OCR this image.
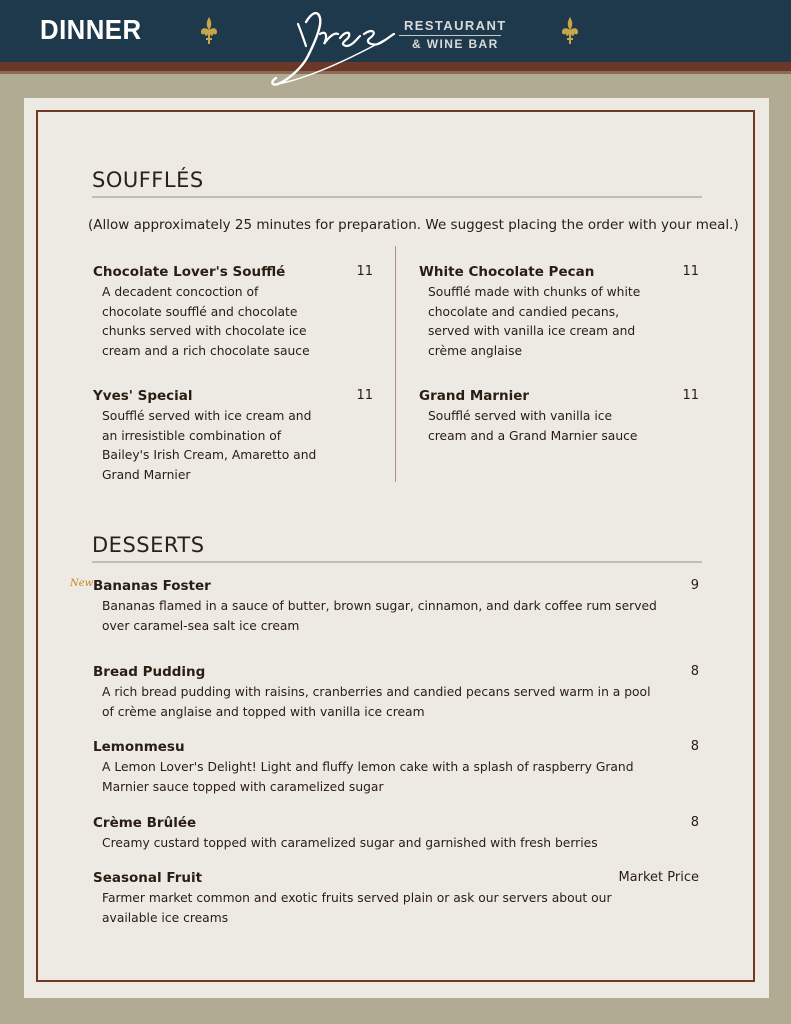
DINNER	RESTAURANT
& WINE BAR
SOUFFLÉS
(Allow approximately 25 minutes for preparation. We suggest placing the order with your meal.)
Chocolate Lover's Soufflé	11
A decadent concoction of chocolate soufflé and chocolate chunks served with chocolate ice cream and a rich chocolate sauce
White Chocolate Pecan	11
Soufflé made with chunks of white chocolate and candied pecans, served with vanilla ice cream and crème anglaise
Yves' Special	11
Soufflé served with ice cream and an irresistible combination of Bailey's Irish Cream, Amaretto and Grand Marnier
Grand Marnier	11
Soufflé served with vanilla ice cream and a Grand Marnier sauce
DESSERTS
New Bananas Foster	9
Bananas flamed in a sauce of butter, brown sugar, cinnamon, and dark coffee rum served over caramel-sea salt ice cream
Bread Pudding	8
A rich bread pudding with raisins, cranberries and candied pecans served warm in a pool of crème anglaise and topped with vanilla ice cream
Lemonmesu	8
A Lemon Lover's Delight! Light and fluffy lemon cake with a splash of raspberry Grand Marnier sauce topped with caramelized sugar
Crème Brûlée	8
Creamy custard topped with caramelized sugar and garnished with fresh berries
Seasonal Fruit	Market Price
Farmer market common and exotic fruits served plain or ask our servers about our available ice creams
